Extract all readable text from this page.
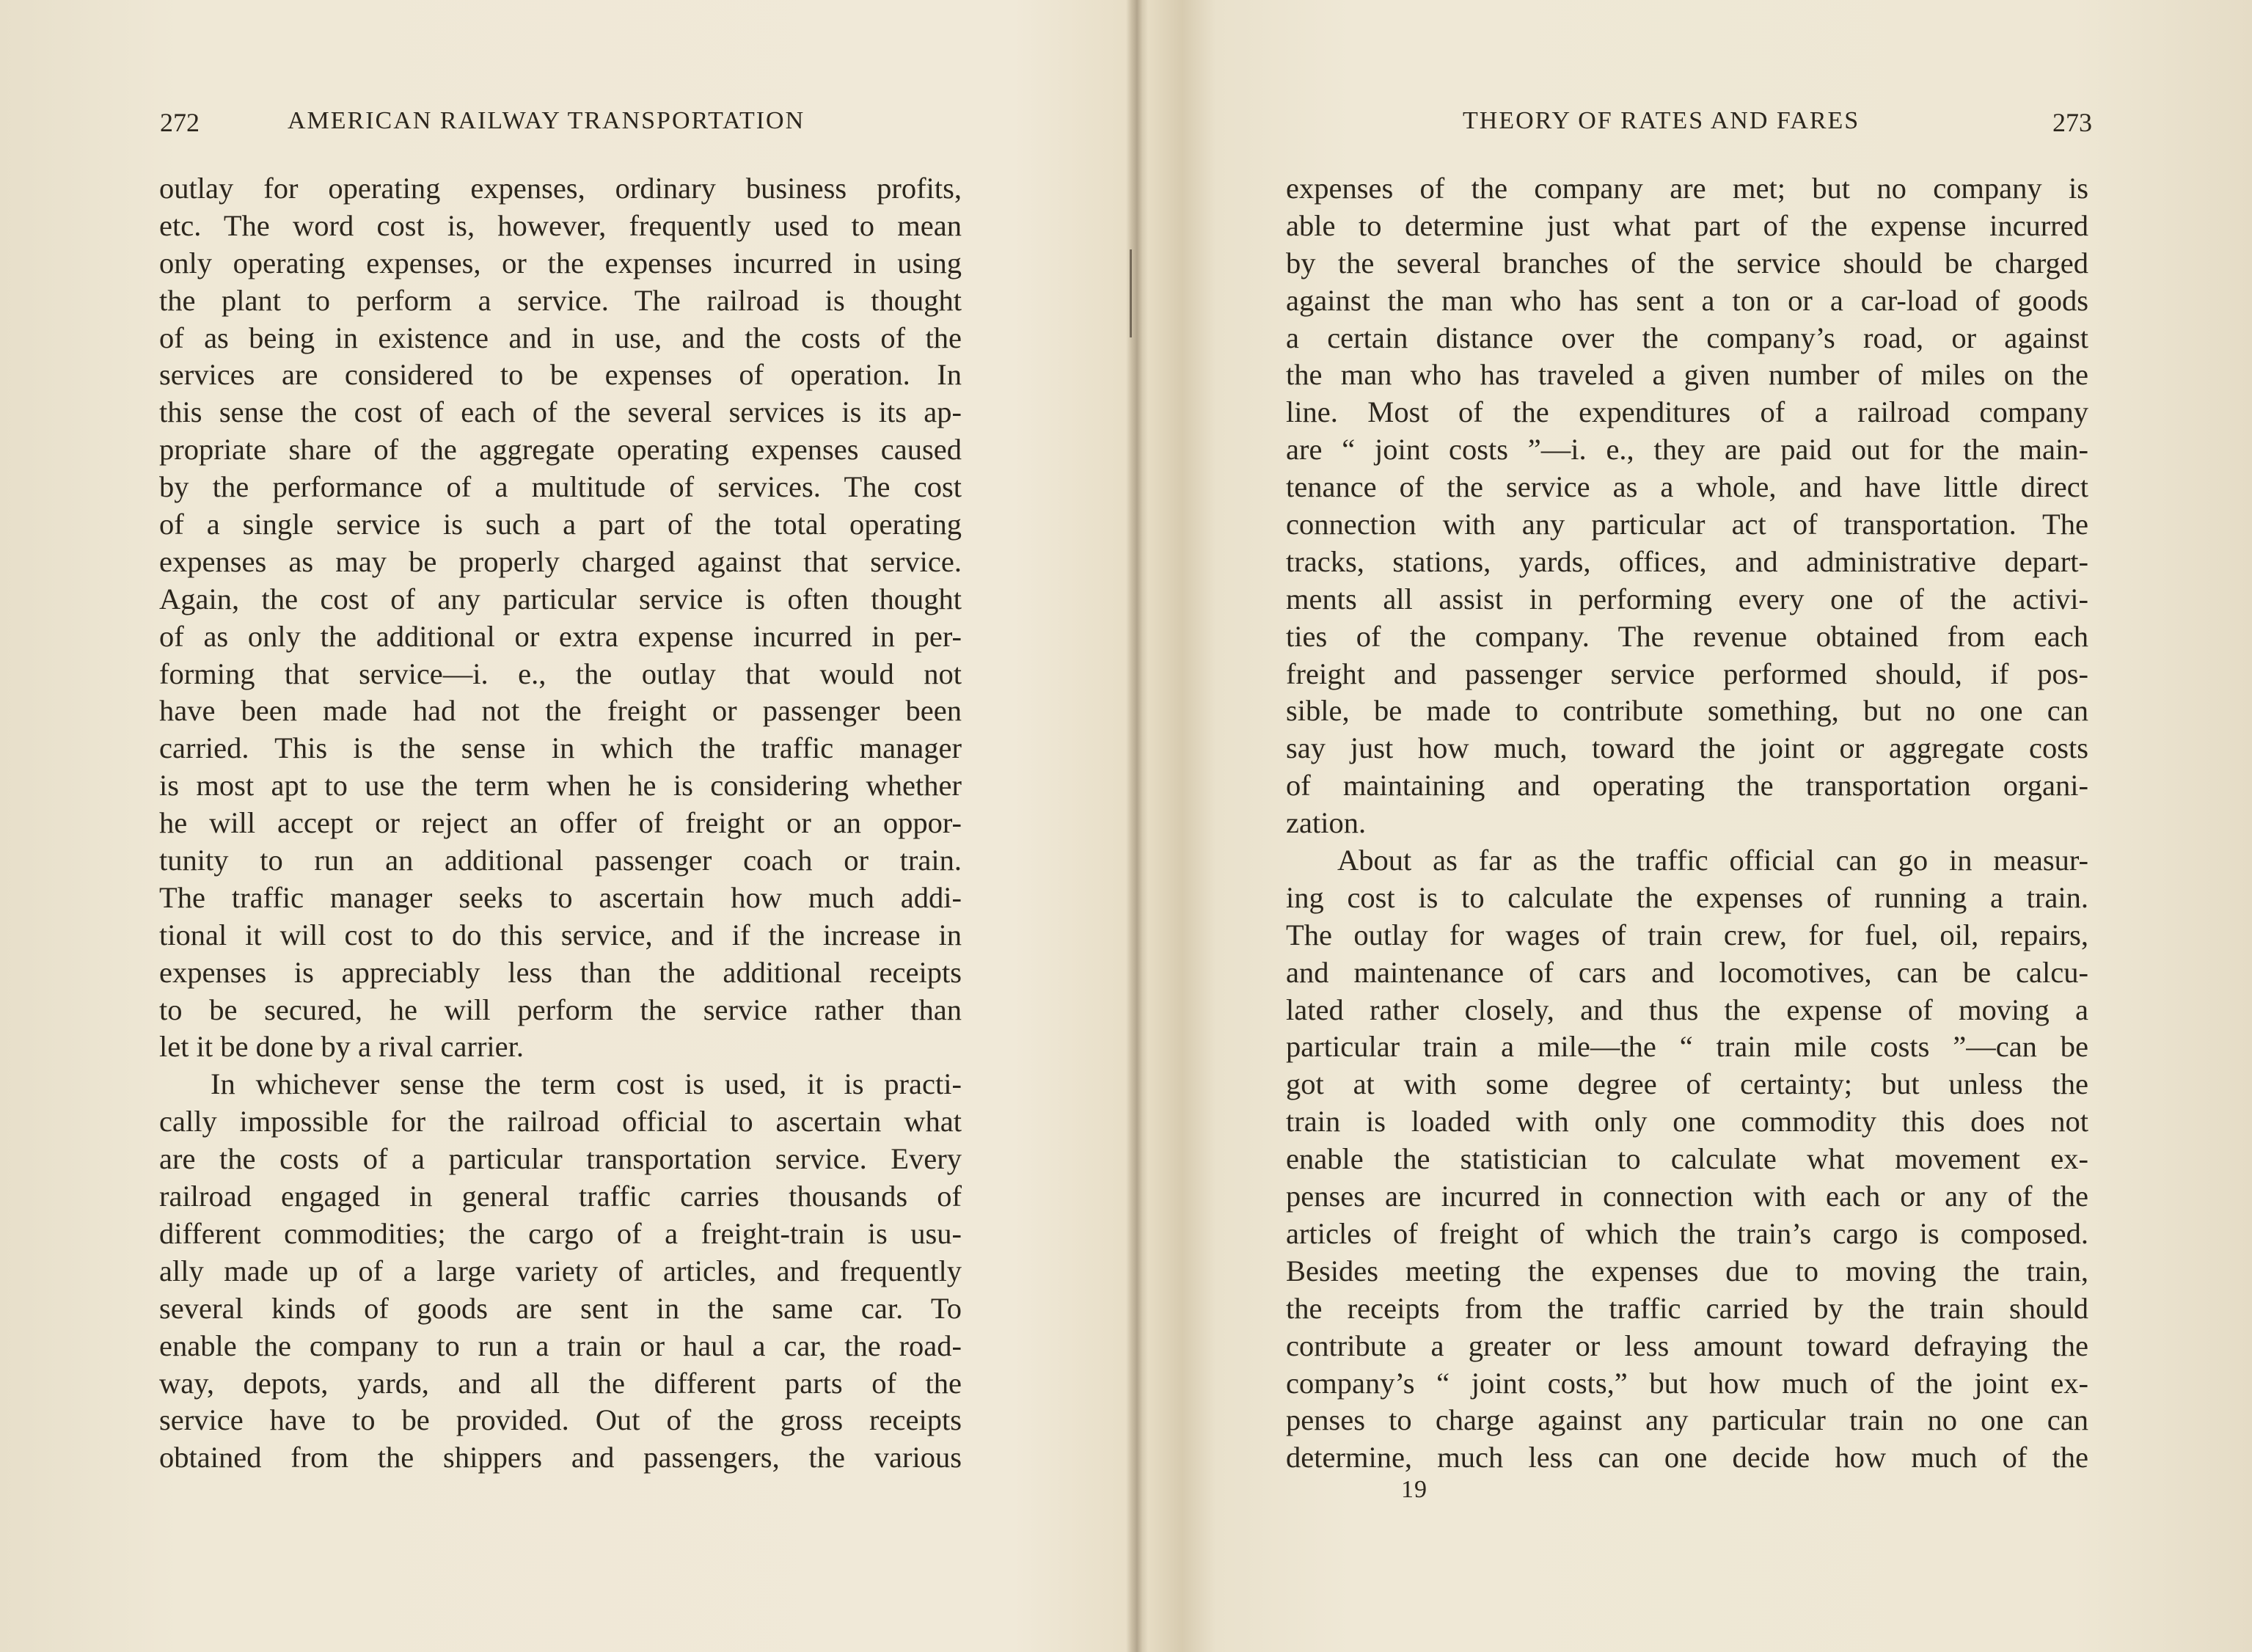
272	AMERICAN RAILWAY TRANSPORTATION
outlay for operating expenses, ordinary business profits,
etc. The word cost is, however, frequently used to mean
only operating expenses, or the expenses incurred in using
the plant to perform a service. The railroad is thought
of as being in existence and in use, and the costs of the
services are considered to be expenses of operation. In
this sense the cost of each of the several services is its ap-
propriate share of the aggregate operating expenses caused
by the performance of a multitude of services. The cost
of a single service is such a part of the total operating
expenses as may be properly charged against that service.
Again, the cost of any particular service is often thought
of as only the additional or extra expense incurred in per-
forming that service—i. e., the outlay that would not
have been made had not the freight or passenger been
carried. This is the sense in which the traffic manager
is most apt to use the term when he is considering whether
he will accept or reject an offer of freight or an oppor-
tunity to run an additional passenger coach or train.
The traffic manager seeks to ascertain how much addi-
tional it will cost to do this service, and if the increase in
expenses is appreciably less than the additional receipts
to be secured, he will perform the service rather than
let it be done by a rival carrier.
In whichever sense the term cost is used, it is practi-
cally impossible for the railroad official to ascertain what
are the costs of a particular transportation service. Every
railroad engaged in general traffic carries thousands of
different commodities; the cargo of a freight-train is usu-
ally made up of a large variety of articles, and frequently
several kinds of goods are sent in the same car. To
enable the company to run a train or haul a car, the road-
way, depots, yards, and all the different parts of the
service have to be provided. Out of the gross receipts
obtained from the shippers and passengers, the various
THEORY OF RATES AND FARES	273
expenses of the company are met; but no company is
able to determine just what part of the expense incurred
by the several branches of the service should be charged
against the man who has sent a ton or a car-load of goods
a certain distance over the company’s road, or against
the man who has traveled a given number of miles on the
line. Most of the expenditures of a railroad company
are “ joint costs ”—i. e., they are paid out for the main-
tenance of the service as a whole, and have little direct
connection with any particular act of transportation. The
tracks, stations, yards, offices, and administrative depart-
ments all assist in performing every one of the activi-
ties of the company. The revenue obtained from each
freight and passenger service performed should, if pos-
sible, be made to contribute something, but no one can
say just how much, toward the joint or aggregate costs
of maintaining and operating the transportation organi-
zation.
About as far as the traffic official can go in measur-
ing cost is to calculate the expenses of running a train.
The outlay for wages of train crew, for fuel, oil, repairs,
and maintenance of cars and locomotives, can be calcu-
lated rather closely, and thus the expense of moving a
particular train a mile—the “ train mile costs ”—can be
got at with some degree of certainty; but unless the
train is loaded with only one commodity this does not
enable the statistician to calculate what movement ex-
penses are incurred in connection with each or any of the
articles of freight of which the train’s cargo is composed.
Besides meeting the expenses due to moving the train,
the receipts from the traffic carried by the train should
contribute a greater or less amount toward defraying the
company’s “ joint costs,” but how much of the joint ex-
penses to charge against any particular train no one can
determine, much less can one decide how much of the
19
